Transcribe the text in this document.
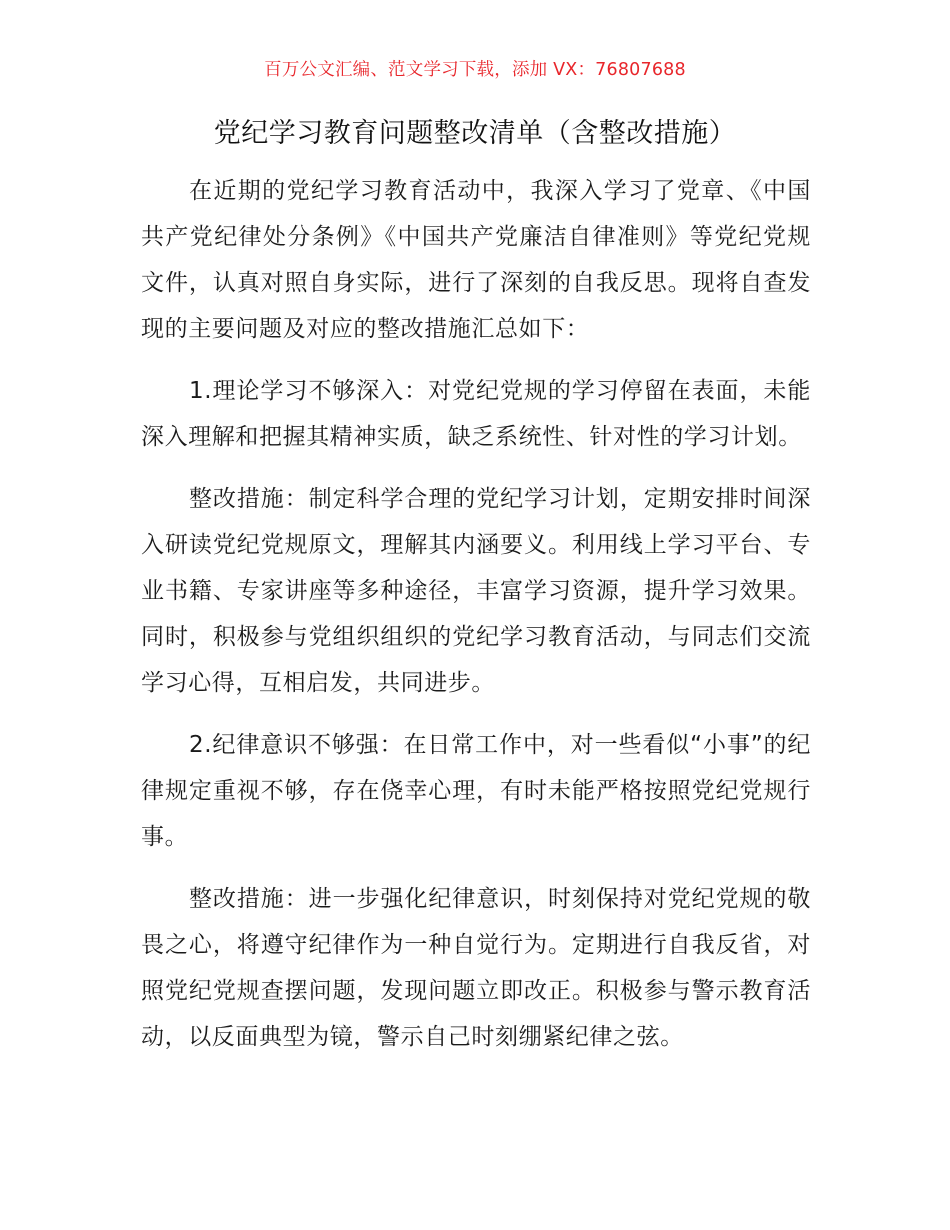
百万公文汇编、范文学习下载，添加 VX：76807688
党纪学习教育问题整改清单（含整改措施）

在近期的党纪学习教育活动中，我深入学习了党章、《中国共产党纪律处分条例》《中国共产党廉洁自律准则》等党纪党规文件，认真对照自身实际，进行了深刻的自我反思。现将自查发现的主要问题及对应的整改措施汇总如下：

1.理论学习不够深入：对党纪党规的学习停留在表面，未能深入理解和把握其精神实质，缺乏系统性、针对性的学习计划。

整改措施：制定科学合理的党纪学习计划，定期安排时间深入研读党纪党规原文，理解其内涵要义。利用线上学习平台、专业书籍、专家讲座等多种途径，丰富学习资源，提升学习效果。同时，积极参与党组织组织的党纪学习教育活动，与同志们交流学习心得，互相启发，共同进步。

2.纪律意识不够强：在日常工作中，对一些看似“小事”的纪律规定重视不够，存在侥幸心理，有时未能严格按照党纪党规行事。

整改措施：进一步强化纪律意识，时刻保持对党纪党规的敬畏之心，将遵守纪律作为一种自觉行为。定期进行自我反省，对照党纪党规查摆问题，发现问题立即改正。积极参与警示教育活动，以反面典型为镜，警示自己时刻绷紧纪律之弦。
